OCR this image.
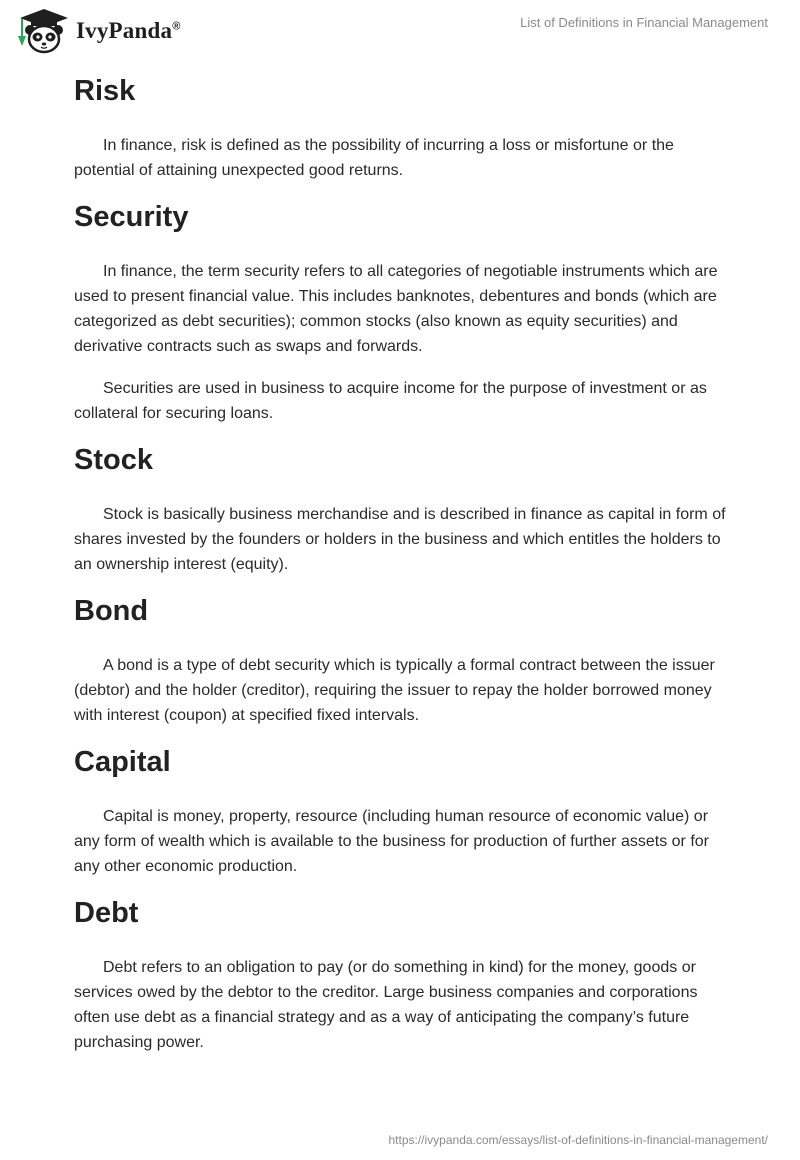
IvyPanda®	List of Definitions in Financial Management
Risk

In finance, risk is defined as the possibility of incurring a loss or misfortune or the potential of attaining unexpected good returns.

Security

In finance, the term security refers to all categories of negotiable instruments which are used to present financial value. This includes banknotes, debentures and bonds (which are categorized as debt securities); common stocks (also known as equity securities) and derivative contracts such as swaps and forwards.

Securities are used in business to acquire income for the purpose of investment or as collateral for securing loans.

Stock

Stock is basically business merchandise and is described in finance as capital in form of shares invested by the founders or holders in the business and which entitles the holders to an ownership interest (equity).

Bond

A bond is a type of debt security which is typically a formal contract between the issuer (debtor) and the holder (creditor), requiring the issuer to repay the holder borrowed money with interest (coupon) at specified fixed intervals.

Capital

Capital is money, property, resource (including human resource of economic value) or any form of wealth which is available to the business for production of further assets or for any other economic production.

Debt

Debt refers to an obligation to pay (or do something in kind) for the money, goods or services owed by the debtor to the creditor. Large business companies and corporations often use debt as a financial strategy and as a way of anticipating the company’s future purchasing power.

https://ivypanda.com/essays/list-of-definitions-in-financial-management/
